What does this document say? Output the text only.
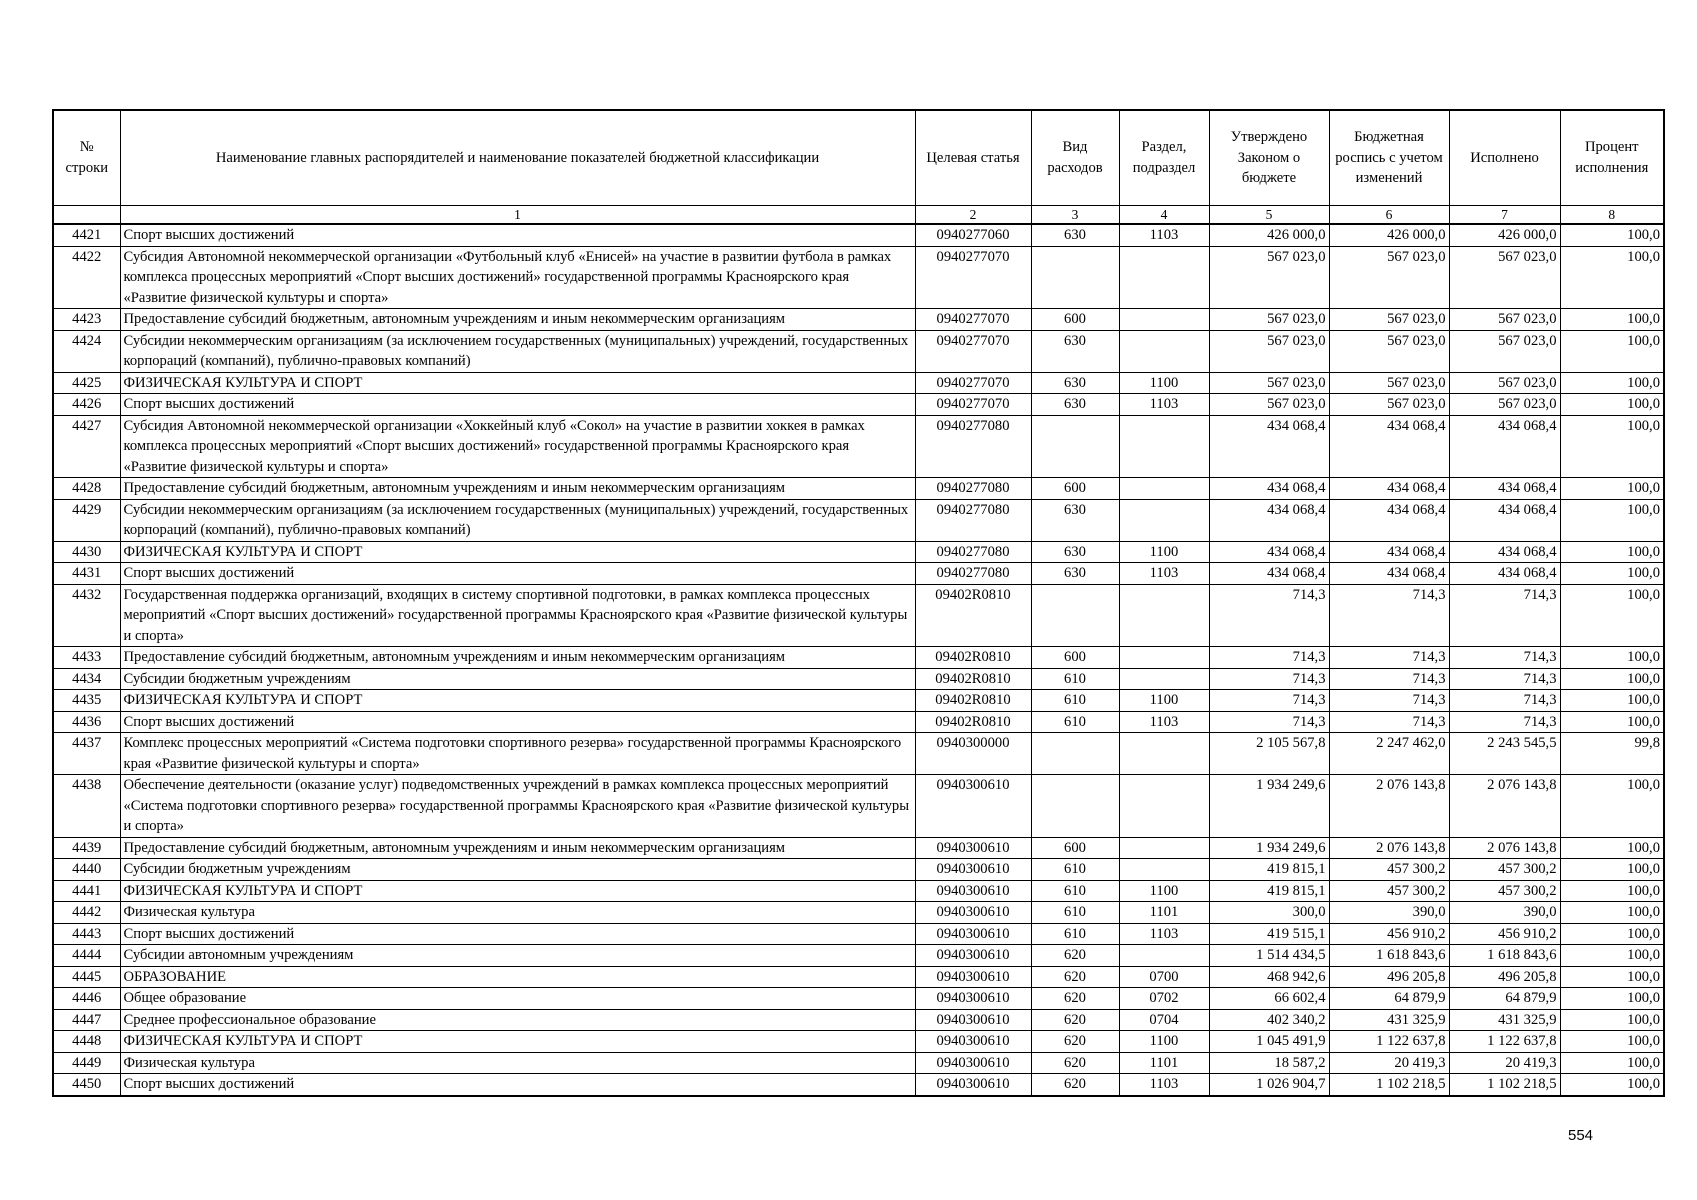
№ строки	Наименование главных распорядителей и наименование показателей бюджетной классификации	Целевая статья	Вид расходов	Раздел, подраздел	Утверждено Законом о бюджете	Бюджетная роспись с учетом изменений	Исполнено	Процент исполнения
	1	2	3	4	5	6	7	8
4421	Спорт высших достижений	0940277060	630	1103	426 000,0	426 000,0	426 000,0	100,0
4422	Субсидия Автономной некоммерческой организации «Футбольный клуб «Енисей» на участие в развитии футбола в рамках комплекса процессных мероприятий «Спорт высших достижений» государственной программы Красноярского края «Развитие физической культуры и спорта»	0940277070			567 023,0	567 023,0	567 023,0	100,0
4423	Предоставление субсидий бюджетным, автономным учреждениям и иным некоммерческим организациям	0940277070	600		567 023,0	567 023,0	567 023,0	100,0
4424	Субсидии некоммерческим организациям (за исключением государственных (муниципальных) учреждений, государственных корпораций (компаний), публично-правовых компаний)	0940277070	630		567 023,0	567 023,0	567 023,0	100,0
4425	ФИЗИЧЕСКАЯ КУЛЬТУРА И СПОРТ	0940277070	630	1100	567 023,0	567 023,0	567 023,0	100,0
4426	Спорт высших достижений	0940277070	630	1103	567 023,0	567 023,0	567 023,0	100,0
4427	Субсидия Автономной некоммерческой организации «Хоккейный клуб «Сокол» на участие в развитии хоккея в рамках комплекса процессных мероприятий «Спорт высших достижений» государственной программы Красноярского края «Развитие физической культуры и спорта»	0940277080			434 068,4	434 068,4	434 068,4	100,0
4428	Предоставление субсидий бюджетным, автономным учреждениям и иным некоммерческим организациям	0940277080	600		434 068,4	434 068,4	434 068,4	100,0
4429	Субсидии некоммерческим организациям (за исключением государственных (муниципальных) учреждений, государственных корпораций (компаний), публично-правовых компаний)	0940277080	630		434 068,4	434 068,4	434 068,4	100,0
4430	ФИЗИЧЕСКАЯ КУЛЬТУРА И СПОРТ	0940277080	630	1100	434 068,4	434 068,4	434 068,4	100,0
4431	Спорт высших достижений	0940277080	630	1103	434 068,4	434 068,4	434 068,4	100,0
4432	Государственная поддержка организаций, входящих в систему спортивной подготовки, в рамках комплекса процессных мероприятий «Спорт высших достижений» государственной программы Красноярского края «Развитие физической культуры и спорта»	09402R0810			714,3	714,3	714,3	100,0
4433	Предоставление субсидий бюджетным, автономным учреждениям и иным некоммерческим организациям	09402R0810	600		714,3	714,3	714,3	100,0
4434	Субсидии бюджетным учреждениям	09402R0810	610		714,3	714,3	714,3	100,0
4435	ФИЗИЧЕСКАЯ КУЛЬТУРА И СПОРТ	09402R0810	610	1100	714,3	714,3	714,3	100,0
4436	Спорт высших достижений	09402R0810	610	1103	714,3	714,3	714,3	100,0
4437	Комплекс процессных мероприятий «Система подготовки спортивного резерва» государственной программы Красноярского края «Развитие физической культуры и спорта»	0940300000			2 105 567,8	2 247 462,0	2 243 545,5	99,8
4438	Обеспечение деятельности (оказание услуг) подведомственных учреждений в рамках комплекса процессных мероприятий «Система подготовки спортивного резерва» государственной программы Красноярского края «Развитие физической культуры и спорта»	0940300610			1 934 249,6	2 076 143,8	2 076 143,8	100,0
4439	Предоставление субсидий бюджетным, автономным учреждениям и иным некоммерческим организациям	0940300610	600		1 934 249,6	2 076 143,8	2 076 143,8	100,0
4440	Субсидии бюджетным учреждениям	0940300610	610		419 815,1	457 300,2	457 300,2	100,0
4441	ФИЗИЧЕСКАЯ КУЛЬТУРА И СПОРТ	0940300610	610	1100	419 815,1	457 300,2	457 300,2	100,0
4442	Физическая культура	0940300610	610	1101	300,0	390,0	390,0	100,0
4443	Спорт высших достижений	0940300610	610	1103	419 515,1	456 910,2	456 910,2	100,0
4444	Субсидии автономным учреждениям	0940300610	620		1 514 434,5	1 618 843,6	1 618 843,6	100,0
4445	ОБРАЗОВАНИЕ	0940300610	620	0700	468 942,6	496 205,8	496 205,8	100,0
4446	Общее образование	0940300610	620	0702	66 602,4	64 879,9	64 879,9	100,0
4447	Среднее профессиональное образование	0940300610	620	0704	402 340,2	431 325,9	431 325,9	100,0
4448	ФИЗИЧЕСКАЯ КУЛЬТУРА И СПОРТ	0940300610	620	1100	1 045 491,9	1 122 637,8	1 122 637,8	100,0
4449	Физическая культура	0940300610	620	1101	18 587,2	20 419,3	20 419,3	100,0
4450	Спорт высших достижений	0940300610	620	1103	1 026 904,7	1 102 218,5	1 102 218,5	100,0
554
